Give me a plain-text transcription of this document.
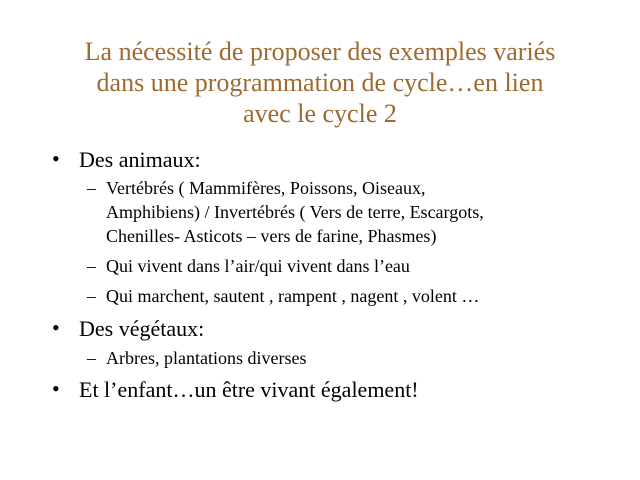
La nécessité de proposer des exemples variés
dans une programmation de cycle…en lien
avec le cycle 2
• Des animaux:
– Vertébrés ( Mammifères, Poissons, Oiseaux,
Amphibiens) / Invertébrés ( Vers de terre, Escargots,
Chenilles- Asticots – vers de farine, Phasmes)
– Qui vivent dans l’air/qui vivent dans l’eau
– Qui marchent, sautent , rampent , nagent , volent …
• Des végétaux:
– Arbres, plantations diverses
• Et l’enfant…un être vivant également!
